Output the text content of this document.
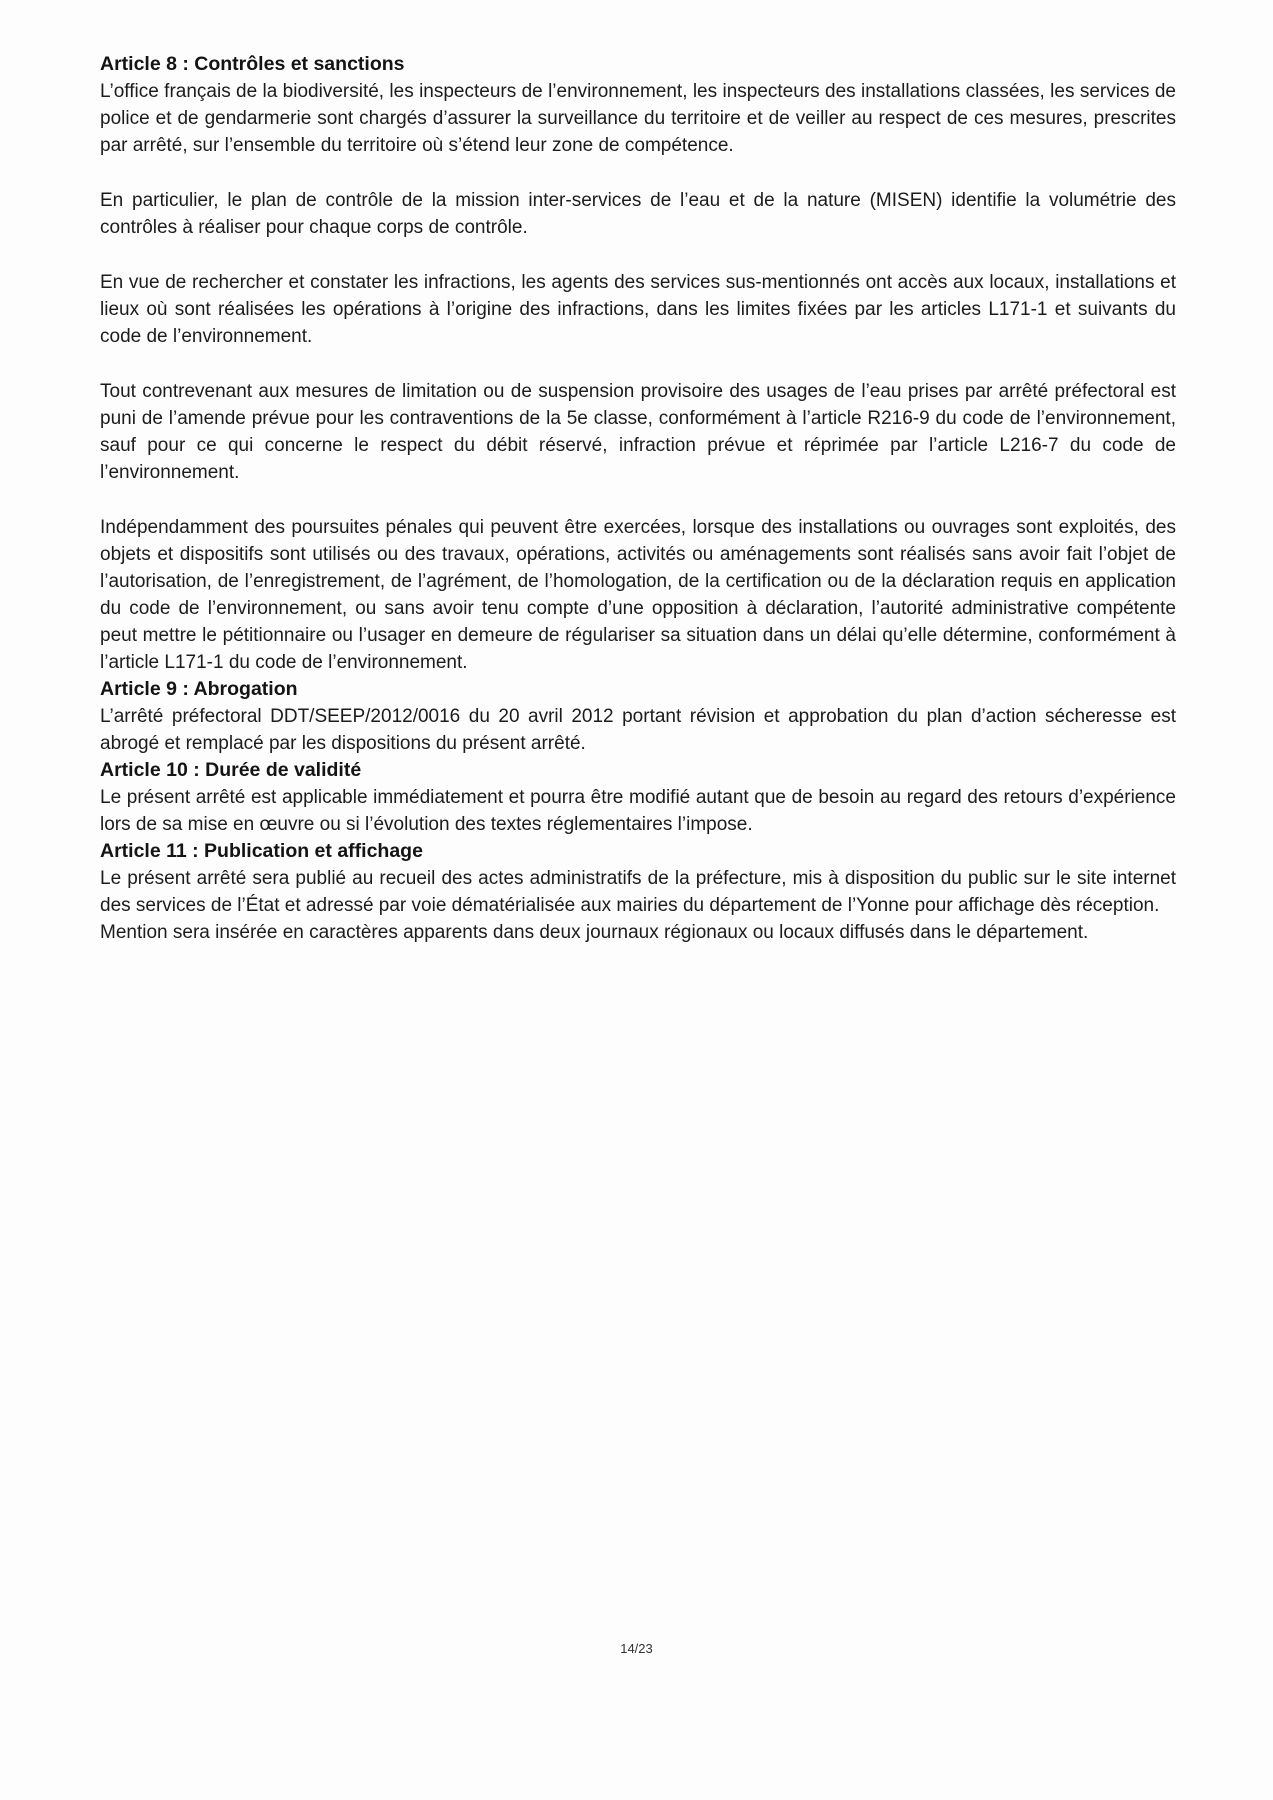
Article 8 : Contrôles et sanctions

L’office français de la biodiversité, les inspecteurs de l’environnement, les inspecteurs des installations classées, les services de police et de gendarmerie sont chargés d’assurer la surveillance du territoire et de veiller au respect de ces mesures, prescrites par arrêté, sur l’ensemble du territoire où s’étend leur zone de compétence.

En particulier, le plan de contrôle de la mission inter-services de l’eau et de la nature (MISEN) identifie la volumétrie des contrôles à réaliser pour chaque corps de contrôle.

En vue de rechercher et constater les infractions, les agents des services sus-mentionnés ont accès aux locaux, installations et lieux où sont réalisées les opérations à l’origine des infractions, dans les limites fixées par les articles L171-1 et suivants du code de l’environnement.

Tout contrevenant aux mesures de limitation ou de suspension provisoire des usages de l’eau prises par arrêté préfectoral est puni de l’amende prévue pour les contraventions de la 5e classe, conformément à l’article R216-9 du code de l’environnement, sauf pour ce qui concerne le respect du débit réservé, infraction prévue et réprimée par l’article L216-7 du code de l’environnement.

Indépendamment des poursuites pénales qui peuvent être exercées, lorsque des installations ou ouvrages sont exploités, des objets et dispositifs sont utilisés ou des travaux, opérations, activités ou aménagements sont réalisés sans avoir fait l’objet de l’autorisation, de l’enregistrement, de l’agrément, de l’homologation, de la certification ou de la déclaration requis en application du code de l’environnement, ou sans avoir tenu compte d’une opposition à déclaration, l’autorité administrative compétente peut mettre le pétitionnaire ou l’usager en demeure de régulariser sa situation dans un délai qu’elle détermine, conformément à l’article L171-1 du code de l’environnement.

Article 9 : Abrogation

L’arrêté préfectoral DDT/SEEP/2012/0016 du 20 avril 2012 portant révision et approbation du plan d’action sécheresse est abrogé et remplacé par les dispositions du présent arrêté.

Article 10 : Durée de validité

Le présent arrêté est applicable immédiatement et pourra être modifié autant que de besoin au regard des retours d’expérience lors de sa mise en œuvre ou si l’évolution des textes réglementaires l’impose.

Article 11 : Publication et affichage

Le présent arrêté sera publié au recueil des actes administratifs de la préfecture, mis à disposition du public sur le site internet des services de l’État et adressé par voie dématérialisée aux mairies du département de l’Yonne pour affichage dès réception.

Mention sera insérée en caractères apparents dans deux journaux régionaux ou locaux diffusés dans le département.

14/23
